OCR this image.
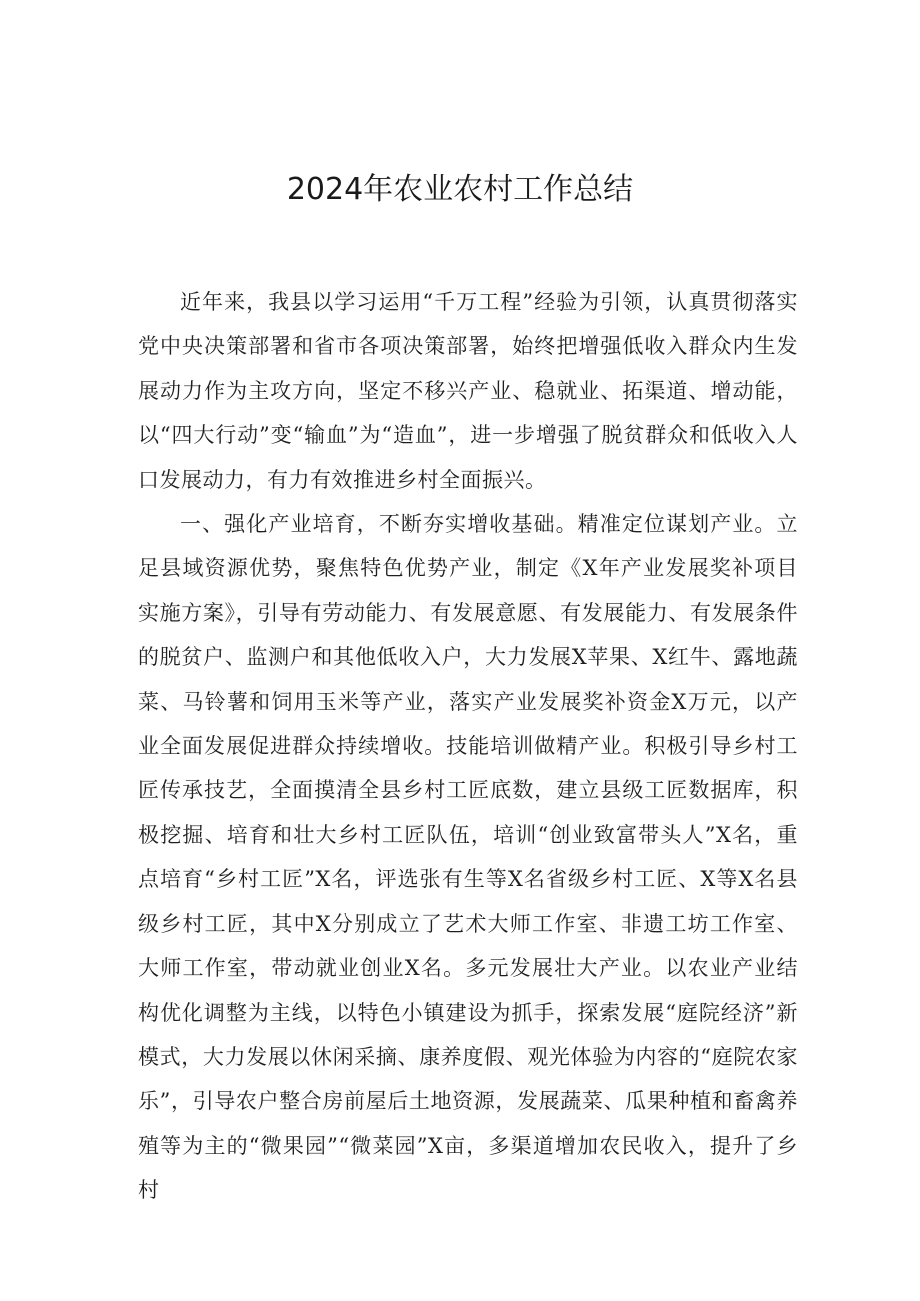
2024年农业农村工作总结

近年来，我县以学习运用“千万工程”经验为引领，认真贯彻落实党中央决策部署和省市各项决策部署，始终把增强低收入群众内生发展动力作为主攻方向，坚定不移兴产业、稳就业、拓渠道、增动能，以“四大行动”变“输血”为“造血”，进一步增强了脱贫群众和低收入人口发展动力，有力有效推进乡村全面振兴。

一、强化产业培育，不断夯实增收基础。精准定位谋划产业。立足县域资源优势，聚焦特色优势产业，制定《X年产业发展奖补项目实施方案》，引导有劳动能力、有发展意愿、有发展能力、有发展条件的脱贫户、监测户和其他低收入户，大力发展X苹果、X红牛、露地蔬菜、马铃薯和饲用玉米等产业，落实产业发展奖补资金X万元，以产业全面发展促进群众持续增收。技能培训做精产业。积极引导乡村工匠传承技艺，全面摸清全县乡村工匠底数，建立县级工匠数据库，积极挖掘、培育和壮大乡村工匠队伍，培训“创业致富带头人”X名，重点培育“乡村工匠”X名，评选张有生等X名省级乡村工匠、X等X名县级乡村工匠，其中X分别成立了艺术大师工作室、非遗工坊工作室、大师工作室，带动就业创业X名。多元发展壮大产业。以农业产业结构优化调整为主线，以特色小镇建设为抓手，探索发展“庭院经济”新模式，大力发展以休闲采摘、康养度假、观光体验为内容的“庭院农家乐”，引导农户整合房前屋后土地资源，发展蔬菜、瓜果种植和畜禽养殖等为主的“微果园”“微菜园”X亩，多渠道增加农民收入，提升了乡村
